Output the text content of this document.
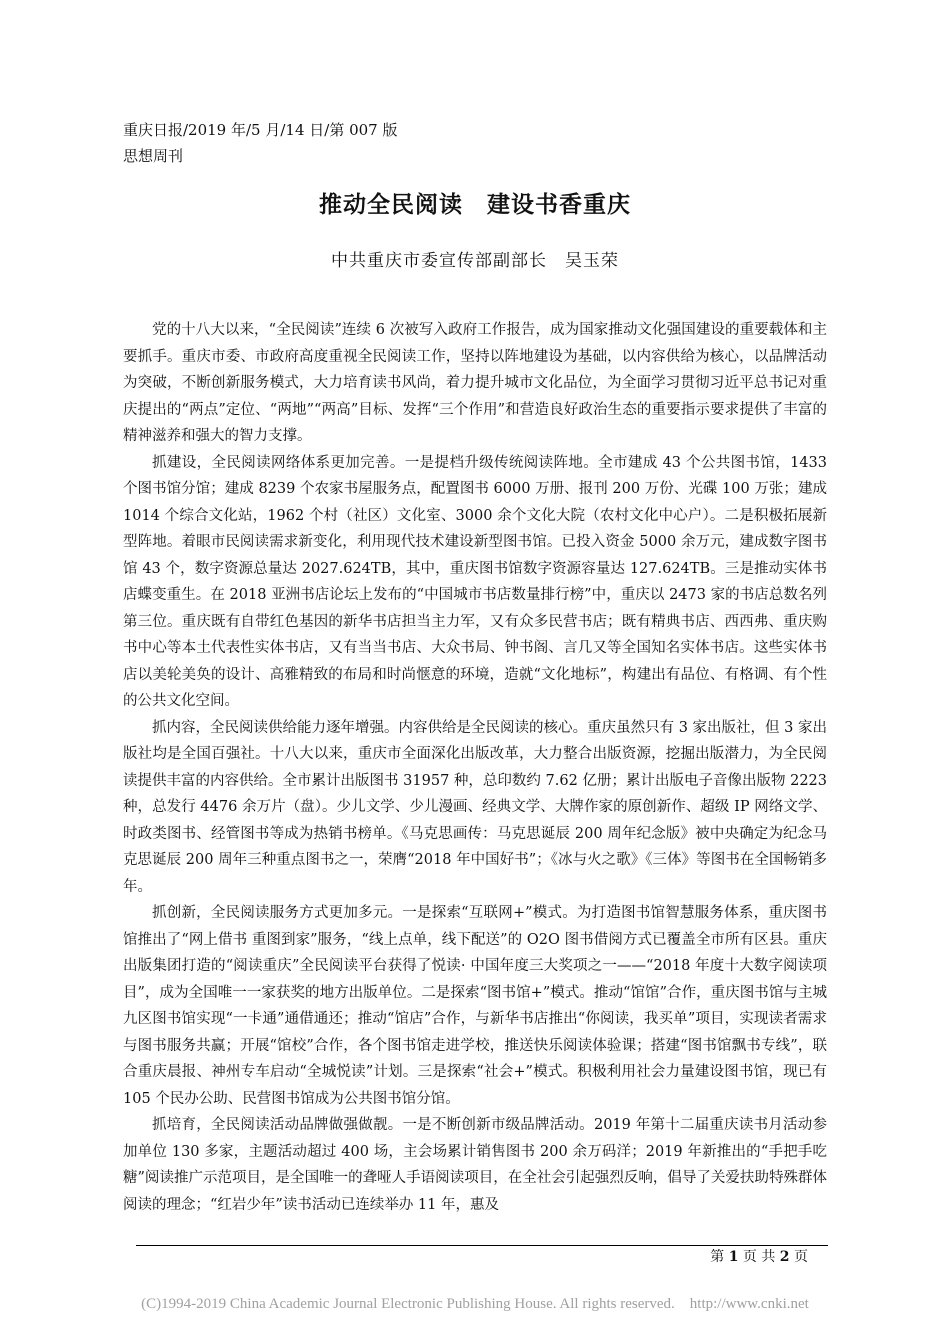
重庆日报/2019 年/5 月/14 日/第 007 版
思想周刊
推动全民阅读　建设书香重庆
中共重庆市委宣传部副部长　吴玉荣

党的十八大以来，“全民阅读”连续 6 次被写入政府工作报告，成为国家推动文化强国建设的重要载体和主要抓手。重庆市委、市政府高度重视全民阅读工作，坚持以阵地建设为基础，以内容供给为核心，以品牌活动为突破，不断创新服务模式，大力培育读书风尚，着力提升城市文化品位，为全面学习贯彻习近平总书记对重庆提出的“两点”定位、“两地”“两高”目标、发挥“三个作用”和营造良好政治生态的重要指示要求提供了丰富的精神滋养和强大的智力支撑。

抓建设，全民阅读网络体系更加完善。一是提档升级传统阅读阵地。全市建成 43 个公共图书馆，1433 个图书馆分馆；建成 8239 个农家书屋服务点，配置图书 6000 万册、报刊 200 万份、光碟 100 万张；建成 1014 个综合文化站，1962 个村（社区）文化室、3000 余个文化大院（农村文化中心户）。二是积极拓展新型阵地。着眼市民阅读需求新变化，利用现代技术建设新型图书馆。已投入资金 5000 余万元，建成数字图书馆 43 个，数字资源总量达 2027.624TB，其中，重庆图书馆数字资源容量达 127.624TB。三是推动实体书店蝶变重生。在 2018 亚洲书店论坛上发布的“中国城市书店数量排行榜”中，重庆以 2473 家的书店总数名列第三位。重庆既有自带红色基因的新华书店担当主力军，又有众多民营书店；既有精典书店、西西弗、重庆购书中心等本土代表性实体书店，又有当当书店、大众书局、钟书阁、言几又等全国知名实体书店。这些实体书店以美轮美奂的设计、高雅精致的布局和时尚惬意的环境，造就“文化地标”，构建出有品位、有格调、有个性的公共文化空间。

抓内容，全民阅读供给能力逐年增强。内容供给是全民阅读的核心。重庆虽然只有 3 家出版社，但 3 家出版社均是全国百强社。十八大以来，重庆市全面深化出版改革，大力整合出版资源，挖掘出版潜力，为全民阅读提供丰富的内容供给。全市累计出版图书 31957 种，总印数约 7.62 亿册；累计出版电子音像出版物 2223 种，总发行 4476 余万片（盘）。少儿文学、少儿漫画、经典文学、大牌作家的原创新作、超级 IP 网络文学、时政类图书、经管图书等成为热销书榜单。《马克思画传：马克思诞辰 200 周年纪念版》被中央确定为纪念马克思诞辰 200 周年三种重点图书之一，荣膺“2018 年中国好书”；《冰与火之歌》《三体》等图书在全国畅销多年。

抓创新，全民阅读服务方式更加多元。一是探索“互联网+”模式。为打造图书馆智慧服务体系，重庆图书馆推出了“网上借书 重图到家”服务，“线上点单，线下配送”的 O2O 图书借阅方式已覆盖全市所有区县。重庆出版集团打造的“阅读重庆”全民阅读平台获得了悦读· 中国年度三大奖项之一——“2018 年度十大数字阅读项目”，成为全国唯一一家获奖的地方出版单位。二是探索“图书馆+”模式。推动“馆馆”合作，重庆图书馆与主城九区图书馆实现“一卡通”通借通还；推动“馆店”合作，与新华书店推出“你阅读，我买单”项目，实现读者需求与图书服务共赢；开展“馆校”合作，各个图书馆走进学校，推送快乐阅读体验课；搭建“图书馆飘书专线”，联合重庆晨报、神州专车启动“全城悦读”计划。三是探索“社会+”模式。积极利用社会力量建设图书馆，现已有 105 个民办公助、民营图书馆成为公共图书馆分馆。

抓培育，全民阅读活动品牌做强做靓。一是不断创新市级品牌活动。2019 年第十二届重庆读书月活动参加单位 130 多家，主题活动超过 400 场，主会场累计销售图书 200 余万码洋；2019 年新推出的“手把手吃糖”阅读推广示范项目，是全国唯一的聋哑人手语阅读项目，在全社会引起强烈反响，倡导了关爱扶助特殊群体阅读的理念；“红岩少年”读书活动已连续举办 11 年，惠及

第 1 页 共 2 页
(C)1994-2019 China Academic Journal Electronic Publishing House. All rights reserved.    http://www.cnki.net
